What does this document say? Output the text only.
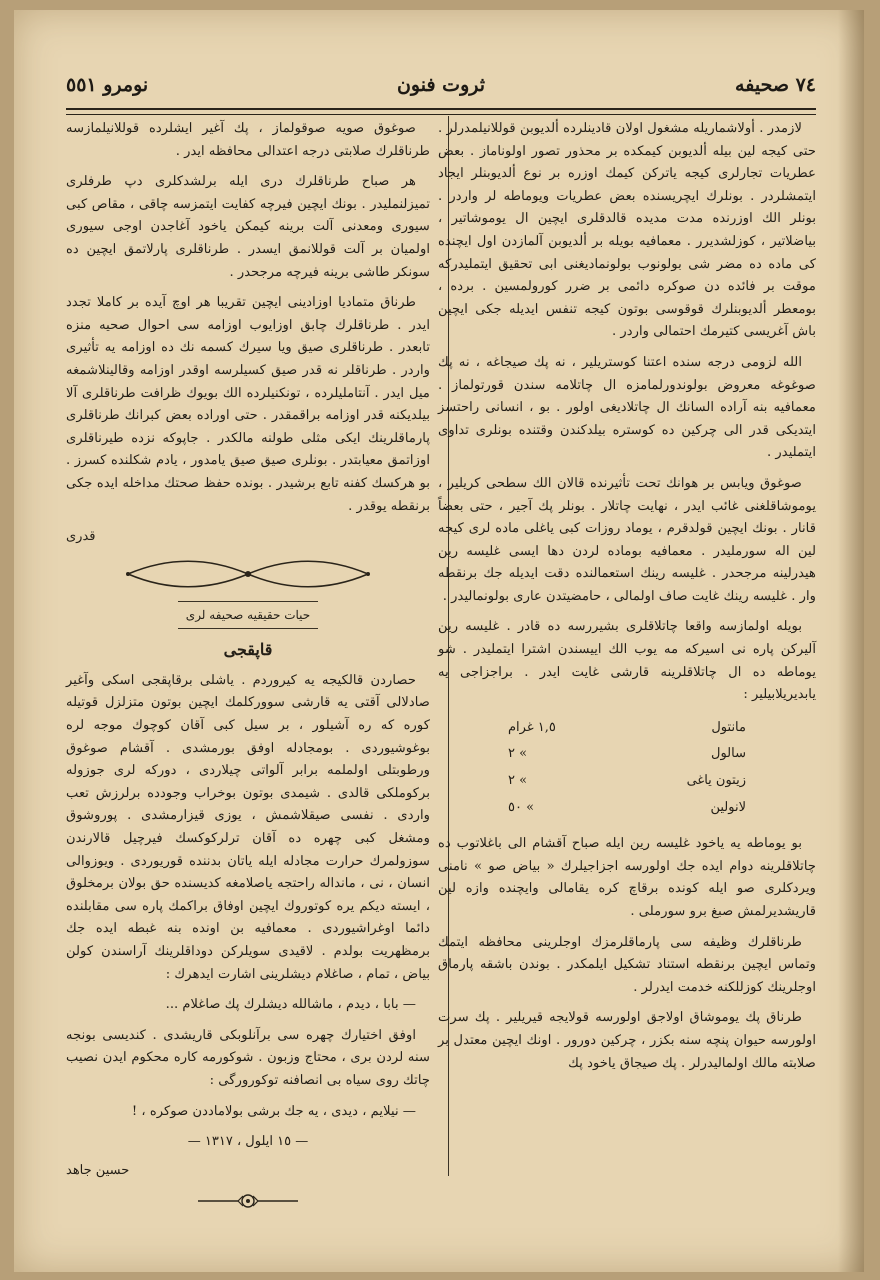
٧٤ صحيفه
ثروت فنون
نومرو ٥٥١

لازمدر . أولاشماريله مشغول اولان قادينلرده ألديوبن قوللانيلمدرلر . حتى كيجه لين بيله ألديوبن كيمكده بر محذور تصور اولوناماز . بعض عطريات تجارلرى كيجه ياتركن كيمك اوزره بر نوع ألديوبنلر ايجاد ايتمشلردر . بونلرك ايچريسنده بعض عطريات ويوماطه لر واردر . بونلر الك اوزرنده مدت مديده قالدقلرى ايچين ال يوموشاتير ، بياضلاتير ، كوزلشديرر . معمافيه بويله بر ألديوبن آلمازدن اول ايچنده كى ماده ده مضر شى بولونوب بولونماديغنى ابى تحقيق ايتمليدركه موقت بر فائده دن صوكره دائمى بر ضرر كورولمسين . برده ، بومعطر ألديوبنلرك قوقوسى بوتون كيجه تنفس ايديله جكى ايچين باش آغريسى كتيرمك احتمالى واردر .

الله لزومى درجه سنده اعتنا كوستريلير ، نه پك صيجاغه ، نه پك صوغوغه معروض بولوندورلمامزه ال چاتلامه سندن قورتولماز . معمافيه بنه آراده السانك ال چاتلاديغى اولور . بو ، انسانى راحتسز ايتديكى قدر الى چركين ده كوستره بيلدكندن وقتنده بونلرى تداوى ايتمليدر .

صوغوق ويابس بر هوانك تحت تأثيرنده قالان الك سطحى كريلير ، يوموشاقلغنى غائب ايدر ، نهايت چاتلار . بونلر پك آجير ، حتى بعضاً قانار . بونك ايچين قولدقرم ، يوماد روزات كبى ياغلى ماده لرى كيجه لين اله سورملیدر . معمافيه بوماده لردن دها ايسى غليسه رين هيدرلينه مرجحدر . غليسه رينك استعمالنده دقت ايديله جك برنقطه وار . غليسه رينك غايت صاف اولمالى ، حامضيتدن عارى بولونماليدر .

بويله اولمازسه واقعا چاتلاقلرى بشيررسه ده قادر . غليسه رين آليركن پاره نى اسيركه مه يوب الك اييسندن اشترا ايتمليدر . شو يوماطه ده ال چاتلاقلرينه قارشى غايت ايدر . براجزاجى يه يابديريلابيلير :

مانتول	١,٥ غرام
سالول	٢ «
زيتون ياغى	٢ «
لانولين	٥٠ «

بو يوماطه يه ياخود غليسه رين ايله صباح آقشام الى باغلاتوب ده چاتلاقلرينه دوام ايده جك اولورسه اجزاجيلرك « بياض صو » نامنى ويردكلرى صو ايله كونده برقاچ كره يقامالى وايچنده وازه لين قاريشديرلمش صبغ برو سورملى .

طرناقلرك وظيفه سى پارماقلرمزك اوجلرينى محافظه ايتمك وتماس ايچين برنقطه استناد تشكيل ايلمكدر . بوندن باشقه پارماق اوجلرينك كوزللكنه خدمت ايدرلر .

طرناق پك يوموشاق اولاجق اولورسه قولايجه قيريلير . پك سرت اولورسه حيوان پنچه سنه بكزر ، چركين دورور . اونك ايچين معتدل بر صلابته مالك اولماليدرلر . پك صيجاق ياخود پك

صوغوق صويه صوقولماز ، پك آغير ايشلرده قوللانيلمازسه طرناقلرك صلابتى درجه اعتدالى محافظه ايدر .

هر صباح طرناقلرك درى ايله برلشدكلرى دپ طرفلرى تميزلنمليدر . بونك ايچين فيرچه كفايت ايتمزسه چاقى ، مقاص كبى سيورى ومعدنى آلت برينه كيمكن ياخود آغاجدن اوجى سيورى اولميان بر آلت قوللانمق ايسدر . طرناقلرى پارلاتمق ايچين ده سونكر طاشى برينه فيرچه مرجحدر .

طرناق متماديا اوزادينى ايچين تقريبا هر اوچ آيده بر كاملا تجدد ايدر . طرناقلرك چابق اوزايوب اوزامه سى احوال صحيه منزه تابعدر . طرناقلرى صيق ويا سيرك كسمه نك ده اوزامه يه تأثيرى واردر . طرناقلر نه قدر صيق كسيلرسه اوقدر اوزامه وقالينلاشمغه ميل ايدر . آنتاملیلرده ، تونكنيلرده الك بويوك ظرافت طرناقلرى آلا بيلديكنه قدر اوزامه براقمقدر . حتى اوراده بعض كبرانك طرناقلرى پارماقلرينك ايكى مثلى طولنه مالكدر . جاپوكه نزده طيرناقلرى اوزاتمق معيابتدر . بونلرى صيق صيق يامدور ، يادم شكلنده كسرز . بو هركسك كفنه تابع برشيدر . بونده حفظ صحتك مداخله ايده جكى برنقطه يوقدر .

قدرى
حيات حقيقيه صحيفه لرى
قاپقجى

حصاردن قالكيجه يه كيروردم . ياشلى برقاپقجى اسكى وآغير صادلالى آقتى يه قارشى سووركلمك ايچين بوتون متزلزل قوتيله كوره كه ره آشيلور ، بر سيل كبى آقان كوچوك موجه لره بوغوشيوردى . بومجادله اوفق بورمشدى . آقشام صوغوق ورطوبتلى اولملمه برابر آلواتى چيلاردى ، دوركه لرى جوزوله بركوملكى قالدى . شيمدى بوتون بوخراب وجودده برلرزش تعب واردى . نفسى صيقلاشمش ، يوزى قيزارمشدى . پوروشوق ومشغل كبى چهره ده آقان ترلركوكسك فيرچيل قالارندن سوزولمرك حرارت مجادله ايله ياتان بدننده قوريوردى . ويوزوالى انسان ، نى ، مانداله راحتجه ياصلامغه كديسنده حق بولان برمخلوق ، ايسته ديكم يره كوتوروك ايچين اوفاق براكمك پاره سى مقابلنده دائما اوغراشيوردى . معمافيه بن اونده بنه غبطه ايده جك برمظهريت بولدم . لاقيدى سويلركن دوداقلرينك آراسندن كولن بياض ، تمام ، صاغلام ديشلرينى اشارت ايدهرك :

— بابا ، ديدم ، ماشالله ديشلرك پك صاغلام ...

اوفق اختيارك چهره سى برآنلوبكى قاريشدى . كنديسى بونجه سنه لردن برى ، محتاج وزبون . شوكورمه كاره محكوم ايدن نصيب چاتك روى سياه بى انصافنه توكورورگى :

— نيلايم ، ديدى ، يه جك برشى بولاماددن صوكره ، !

— ١٥ ايلول ، ١٣١٧ —
حسين جاهد
